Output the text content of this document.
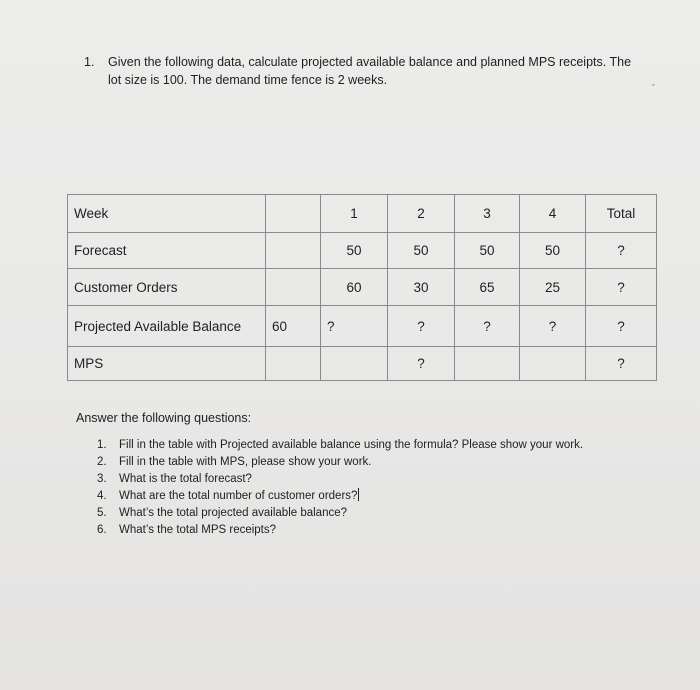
1. Given the following data, calculate projected available balance and planned MPS receipts. The
lot size is 100. The demand time fence is 2 weeks.
ˇ
Week		1	2	3	4	Total
Forecast		50	50	50	50	?
Customer Orders		60	30	65	25	?
Projected Available Balance	60	?	?	?	?	?
MPS			?			?
Answer the following questions:
1. Fill in the table with Projected available balance using the formula? Please show your work.
2. Fill in the table with MPS, please show your work.
3. What is the total forecast?
4. What are the total number of customer orders?
5. What’s the total projected available balance?
6. What’s the total MPS receipts?
